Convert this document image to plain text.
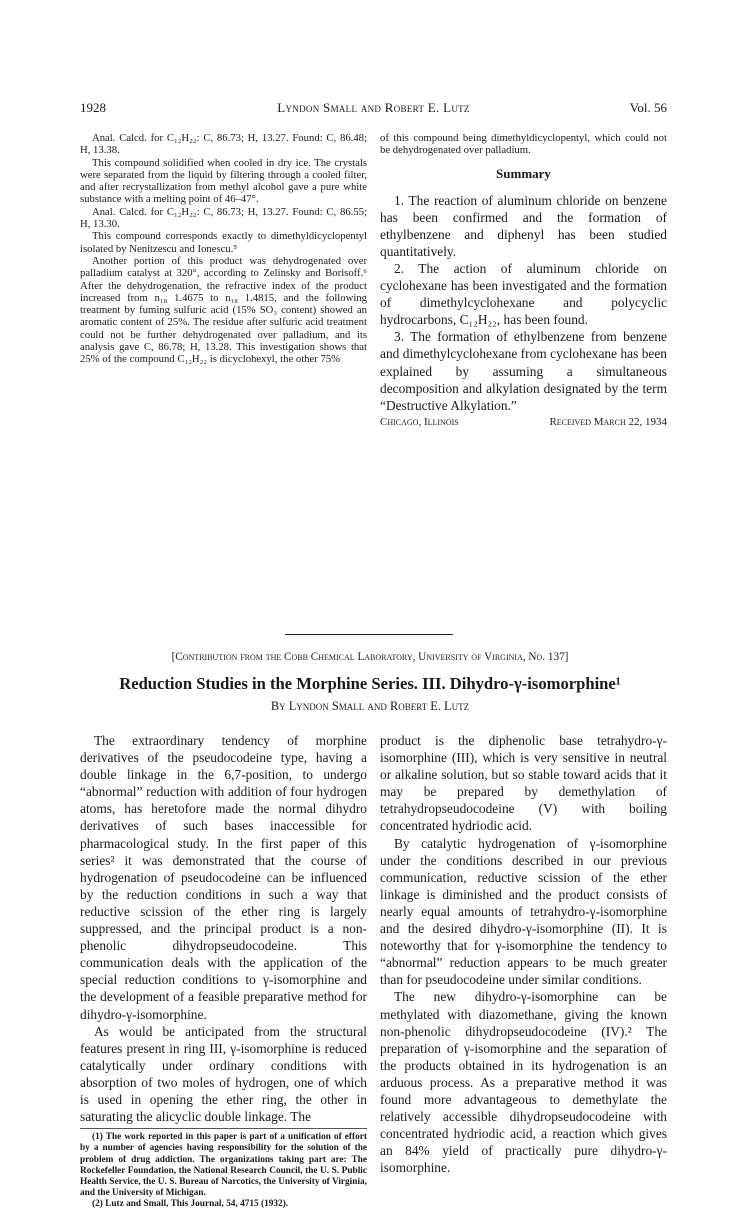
1928	Lyndon Small and Robert E. Lutz	Vol. 56

Anal. Calcd. for C₁₂H₂₂: C, 86.73; H, 13.27. Found: C, 86.48; H, 13.38.

This compound solidified when cooled in dry ice. The crystals were separated from the liquid by filtering through a cooled filter, and after recrystallization from methyl alcohol gave a pure white substance with a melting point of 46–47°.

Anal. Calcd. for C₁₂H₂₂: C, 86.73; H, 13.27. Found: C, 86.55; H, 13.30.

This compound corresponds exactly to dimethyldicyclopentyl isolated by Nenitzescu and Ionescu.⁵

Another portion of this product was dehydrogenated over palladium catalyst at 320°, according to Zelinsky and Borisoff.⁶ After the dehydrogenation, the refractive index of the product increased from n₁₈ 1.4675 to n₁₈ 1.4815, and the following treatment by fuming sulfuric acid (15% SO₃ content) showed an aromatic content of 25%. The residue after sulfuric acid treatment could not be further dehydrogenated over palladium, and its analysis gave C, 86.78; H, 13.28. This investigation shows that 25% of the compound C₁₂H₂₂ is dicyclohexyl, the other 75%

of this compound being dimethyldicyclopentyl, which could not be dehydrogenated over palladium.

Summary

1. The reaction of aluminum chloride on benzene has been confirmed and the formation of ethylbenzene and diphenyl has been studied quantitatively.

2. The action of aluminum chloride on cyclohexane has been investigated and the formation of dimethylcyclohexane and polycyclic hydrocarbons, C₁₂H₂₂, has been found.

3. The formation of ethylbenzene from benzene and dimethylcyclohexane from cyclohexane has been explained by assuming a simultaneous decomposition and alkylation designated by the term “Destructive Alkylation.”

Chicago, Illinois	Received March 22, 1934
[Contribution from the Cobb Chemical Laboratory, University of Virginia, No. 137]
Reduction Studies in the Morphine Series. III. Dihydro-γ-isomorphine¹
By Lyndon Small and Robert E. Lutz

The extraordinary tendency of morphine derivatives of the pseudocodeine type, having a double linkage in the 6,7-position, to undergo “abnormal” reduction with addition of four hydrogen atoms, has heretofore made the normal dihydro derivatives of such bases inaccessible for pharmacological study. In the first paper of this series² it was demonstrated that the course of hydrogenation of pseudocodeine can be influenced by the reduction conditions in such a way that reductive scission of the ether ring is largely suppressed, and the principal product is a non-phenolic dihydropseudocodeine. This communication deals with the application of the special reduction conditions to γ-isomorphine and the development of a feasible preparative method for dihydro-γ-isomorphine.

As would be anticipated from the structural features present in ring III, γ-isomorphine is reduced catalytically under ordinary conditions with absorption of two moles of hydrogen, one of which is used in opening the ether ring, the other in saturating the alicyclic double linkage. The

(1) The work reported in this paper is part of a unification of effort by a number of agencies having responsibility for the solution of the problem of drug addiction. The organizations taking part are: The Rockefeller Foundation, the National Research Council, the U. S. Public Health Service, the U. S. Bureau of Narcotics, the University of Virginia, and the University of Michigan.

(2) Lutz and Small, This Journal, 54, 4715 (1932).

product is the diphenolic base tetrahydro-γ-isomorphine (III), which is very sensitive in neutral or alkaline solution, but so stable toward acids that it may be prepared by demethylation of tetrahydropseudocodeine (V) with boiling concentrated hydriodic acid.

By catalytic hydrogenation of γ-isomorphine under the conditions described in our previous communication, reductive scission of the ether linkage is diminished and the product consists of nearly equal amounts of tetrahydro-γ-isomorphine and the desired dihydro-γ-isomorphine (II). It is noteworthy that for γ-isomorphine the tendency to “abnormal” reduction appears to be much greater than for pseudocodeine under similar conditions.

The new dihydro-γ-isomorphine can be methylated with diazomethane, giving the known non-phenolic dihydropseudocodeine (IV).² The preparation of γ-isomorphine and the separation of the products obtained in its hydrogenation is an arduous process. As a preparative method it was found more advantageous to demethylate the relatively accessible dihydropseudocodeine with concentrated hydriodic acid, a reaction which gives an 84% yield of practically pure dihydro-γ-isomorphine.
